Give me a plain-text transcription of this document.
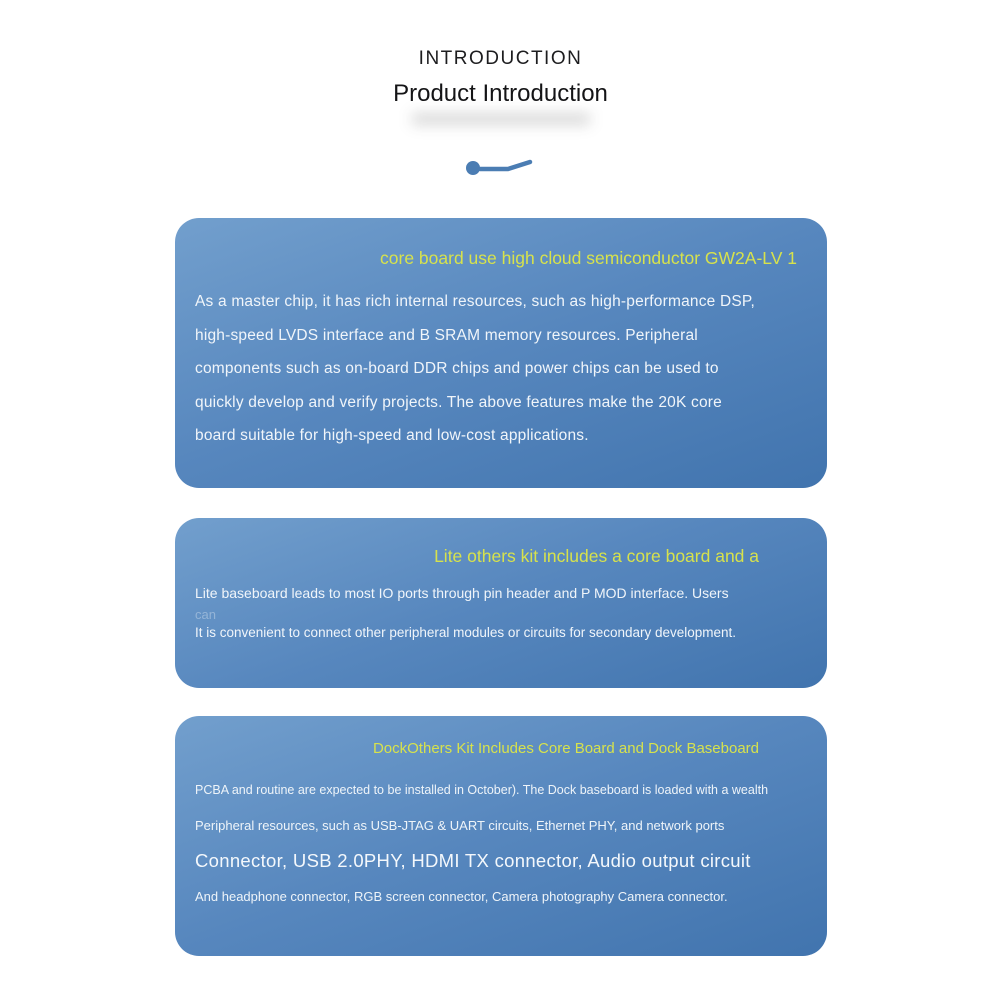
INTRODUCTION
Product Introduction
core board use high cloud semiconductor GW2A-LV 1
As a master chip, it has rich internal resources, such as high-performance DSP,
high-speed LVDS interface and B SRAM memory resources. Peripheral
components such as on-board DDR chips and power chips can be used to
quickly develop and verify projects. The above features make the 20K core
board suitable for high-speed and low-cost applications.
Lite others kit includes a core board and a
Lite baseboard leads to most IO ports through pin header and P MOD interface. Users
can
It is convenient to connect other peripheral modules or circuits for secondary development.
DockOthers Kit Includes Core Board and Dock Baseboard
PCBA and routine are expected to be installed in October). The Dock baseboard is loaded with a wealth
Peripheral resources, such as USB-JTAG & UART circuits, Ethernet PHY, and network ports
Connector, USB 2.0PHY, HDMI TX connector, Audio output circuit
And headphone connector, RGB screen connector, Camera photography Camera connector.
